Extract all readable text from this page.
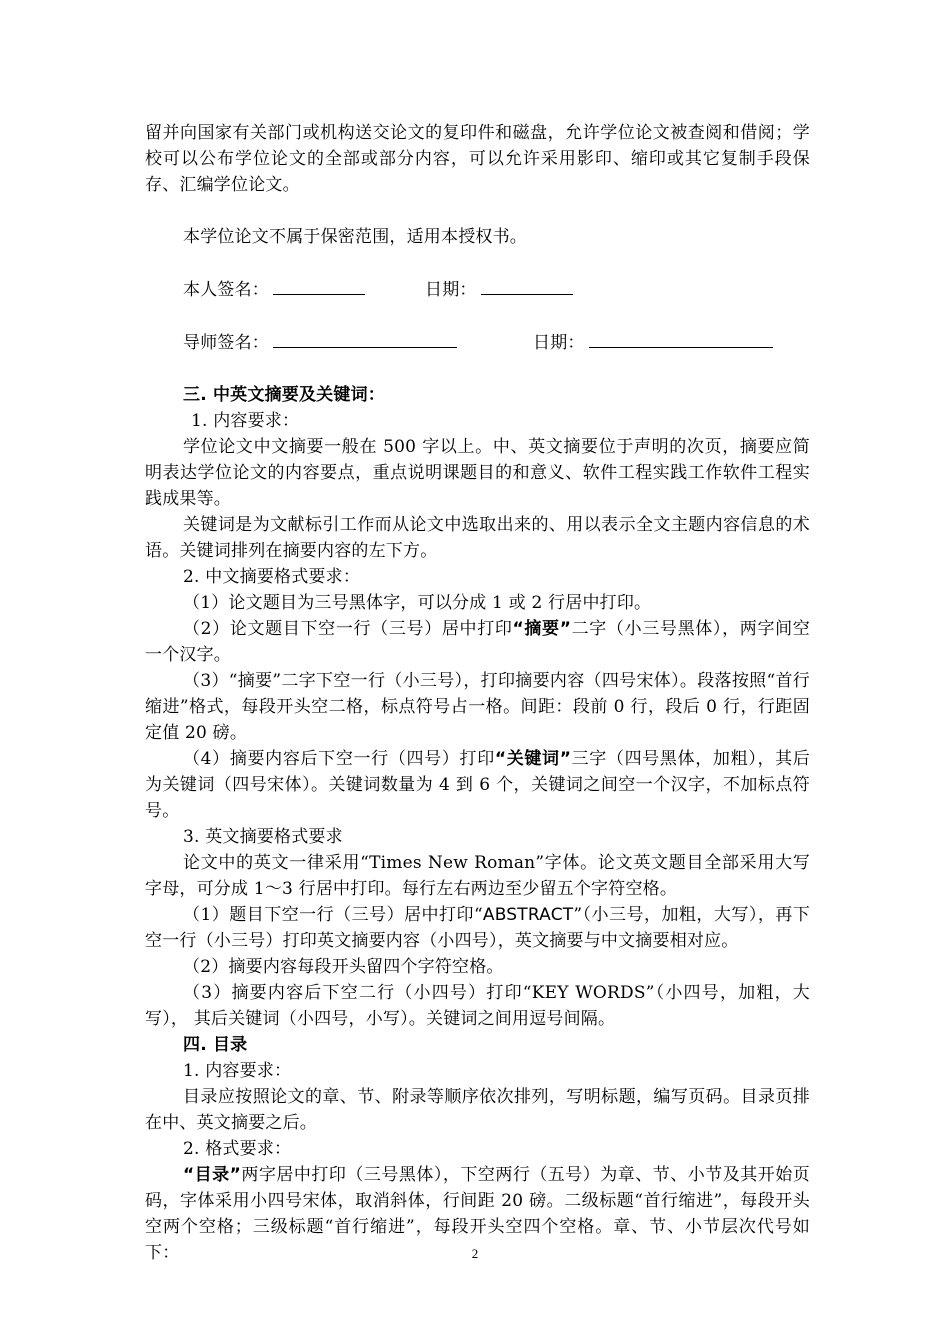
留并向国家有关部门或机构送交论文的复印件和磁盘，允许学位论文被查阅和借阅；学校可以公布学位论文的全部或部分内容，可以允许采用影印、缩印或其它复制手段保存、汇编学位论文。

本学位论文不属于保密范围，适用本授权书。

本人签名：	日期：
导师签名：	日期：

三. 中英文摘要及关键词：

1. 内容要求：

学位论文中文摘要一般在 500 字以上。中、英文摘要位于声明的次页，摘要应简明表达学位论文的内容要点，重点说明课题目的和意义、软件工程实践工作软件工程实践成果等。

关键词是为文献标引工作而从论文中选取出来的、用以表示全文主题内容信息的术语。关键词排列在摘要内容的左下方。

2. 中文摘要格式要求：

（1）论文题目为三号黑体字，可以分成 1 或 2 行居中打印。

（2）论文题目下空一行（三号）居中打印“摘要”二字（小三号黑体），两字间空一个汉字。

（3）“摘要”二字下空一行（小三号），打印摘要内容（四号宋体）。段落按照“首行缩进”格式，每段开头空二格，标点符号占一格。间距：段前 0 行，段后 0 行，行距固定值 20 磅。

（4）摘要内容后下空一行（四号）打印“关键词”三字（四号黑体，加粗），其后为关键词（四号宋体）。关键词数量为 4 到 6 个，关键词之间空一个汉字，不加标点符号。

3. 英文摘要格式要求

论文中的英文一律采用“Times New Roman”字体。论文英文题目全部采用大写字母，可分成 1～3 行居中打印。每行左右两边至少留五个字符空格。

（1）题目下空一行（三号）居中打印“ABSTRACT”（小三号，加粗，大写），再下空一行（小三号）打印英文摘要内容（小四号），英文摘要与中文摘要相对应。

（2）摘要内容每段开头留四个字符空格。

（3）摘要内容后下空二行（小四号）打印“KEY WORDS”（小四号，加粗，大写）， 其后关键词（小四号，小写）。关键词之间用逗号间隔。

四. 目录

1. 内容要求：

目录应按照论文的章、节、附录等顺序依次排列，写明标题，编写页码。目录页排在中、英文摘要之后。

2. 格式要求：

“目录”两字居中打印（三号黑体），下空两行（五号）为章、节、小节及其开始页码，字体采用小四号宋体，取消斜体，行间距 20 磅。二级标题“首行缩进”，每段开头空两个空格；三级标题“首行缩进”，每段开头空四个空格。章、节、小节层次代号如下：	2
